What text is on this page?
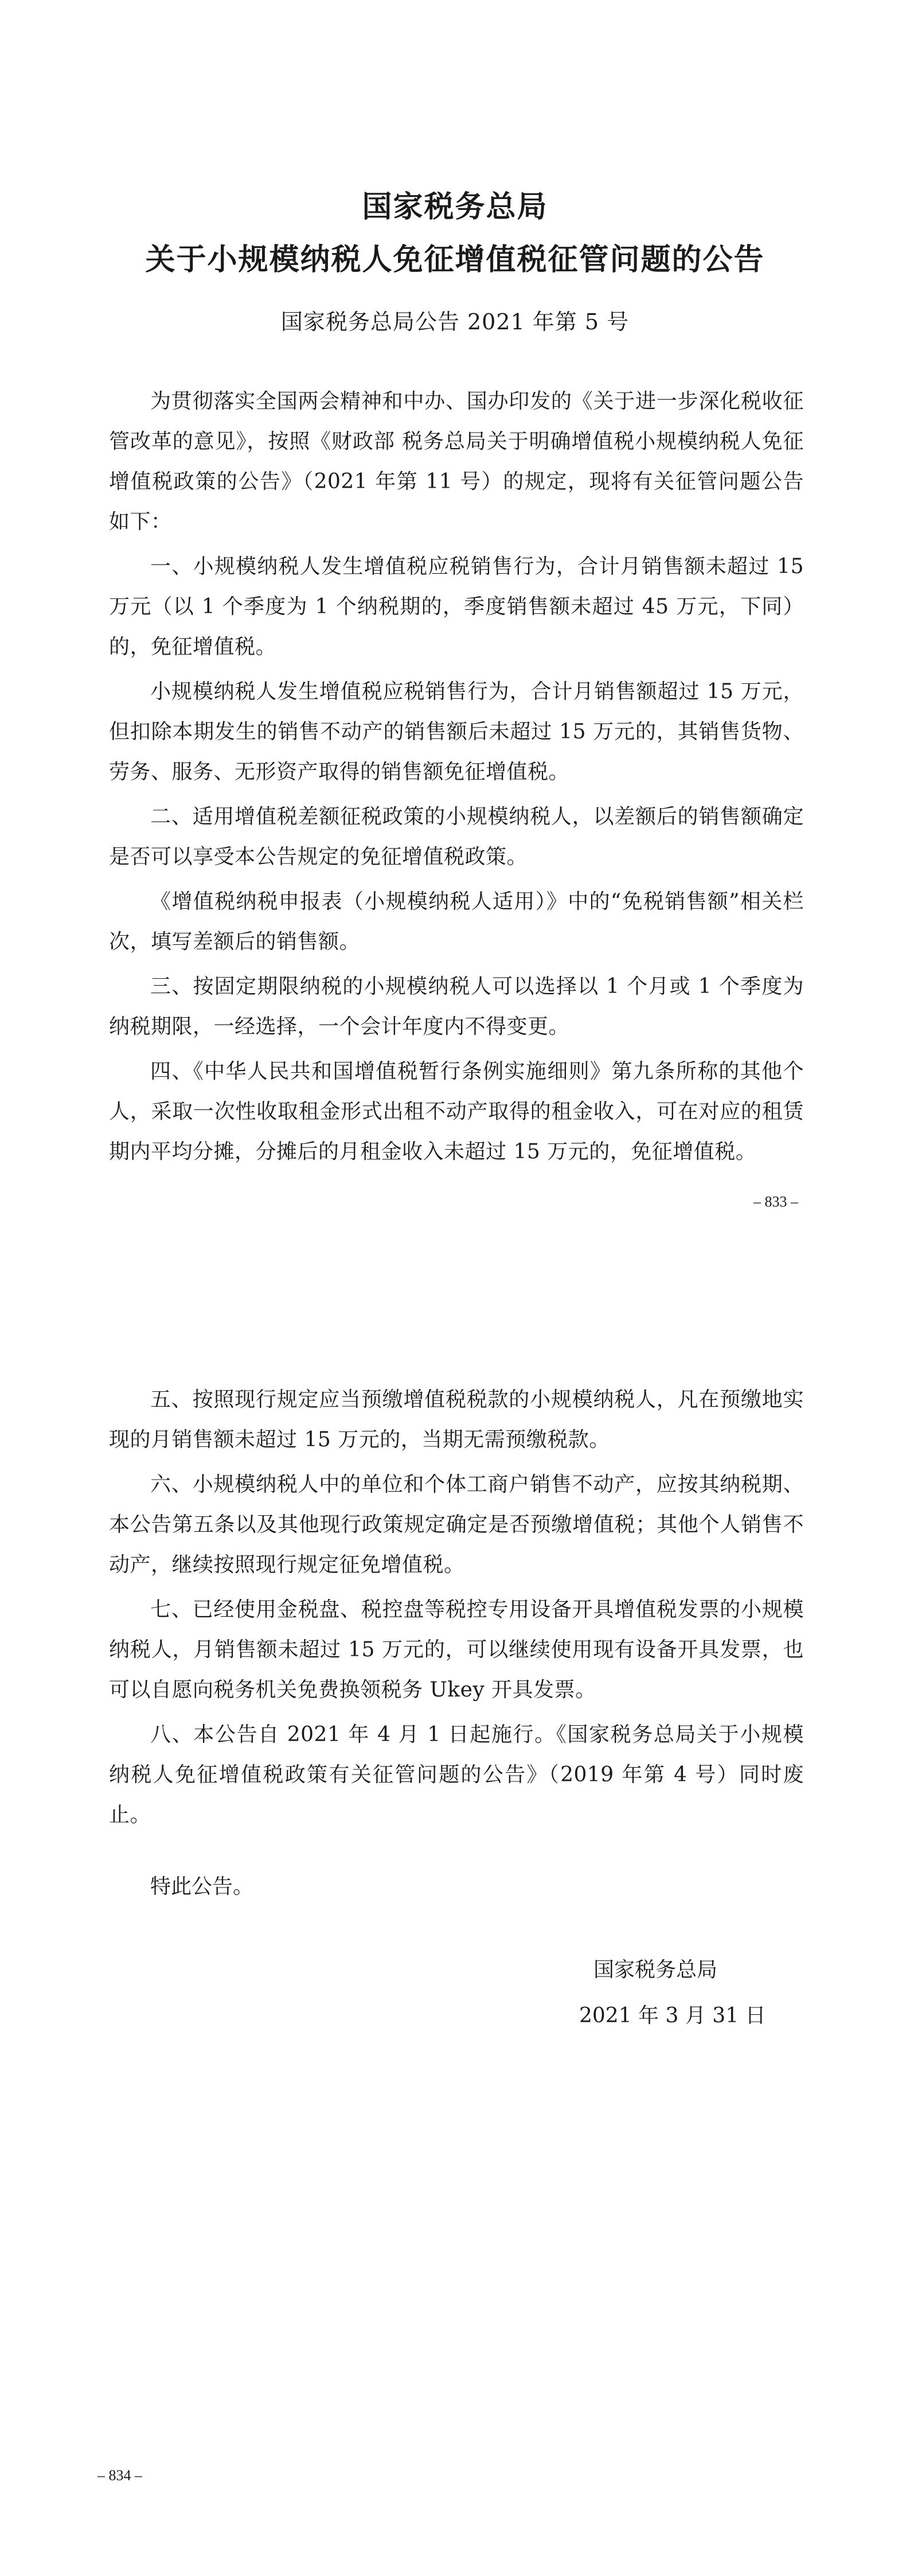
国家税务总局
关于小规模纳税人免征增值税征管问题的公告
国家税务总局公告 2021 年第 5 号

为贯彻落实全国两会精神和中办、国办印发的《关于进一步深化税收征管改革的意见》，按照《财政部 税务总局关于明确增值税小规模纳税人免征增值税政策的公告》（2021 年第 11 号）的规定，现将有关征管问题公告如下：

一、小规模纳税人发生增值税应税销售行为，合计月销售额未超过 15 万元（以 1 个季度为 1 个纳税期的，季度销售额未超过 45 万元，下同）的，免征增值税。

小规模纳税人发生增值税应税销售行为，合计月销售额超过 15 万元，但扣除本期发生的销售不动产的销售额后未超过 15 万元的，其销售货物、劳务、服务、无形资产取得的销售额免征增值税。

二、适用增值税差额征税政策的小规模纳税人，以差额后的销售额确定是否可以享受本公告规定的免征增值税政策。

《增值税纳税申报表（小规模纳税人适用）》中的“免税销售额”相关栏次，填写差额后的销售额。

三、按固定期限纳税的小规模纳税人可以选择以 1 个月或 1 个季度为纳税期限，一经选择，一个会计年度内不得变更。

四、《中华人民共和国增值税暂行条例实施细则》第九条所称的其他个人，采取一次性收取租金形式出租不动产取得的租金收入，可在对应的租赁期内平均分摊，分摊后的月租金收入未超过 15 万元的，免征增值税。

– 833 –

五、按照现行规定应当预缴增值税税款的小规模纳税人，凡在预缴地实现的月销售额未超过 15 万元的，当期无需预缴税款。

六、小规模纳税人中的单位和个体工商户销售不动产，应按其纳税期、本公告第五条以及其他现行政策规定确定是否预缴增值税；其他个人销售不动产，继续按照现行规定征免增值税。

七、已经使用金税盘、税控盘等税控专用设备开具增值税发票的小规模纳税人，月销售额未超过 15 万元的，可以继续使用现有设备开具发票，也可以自愿向税务机关免费换领税务 Ukey 开具发票。

八、本公告自 2021 年 4 月 1 日起施行。《国家税务总局关于小规模纳税人免征增值税政策有关征管问题的公告》（2019 年第 4 号）同时废止。

特此公告。
国家税务总局
2021 年 3 月 31 日
– 834 –
